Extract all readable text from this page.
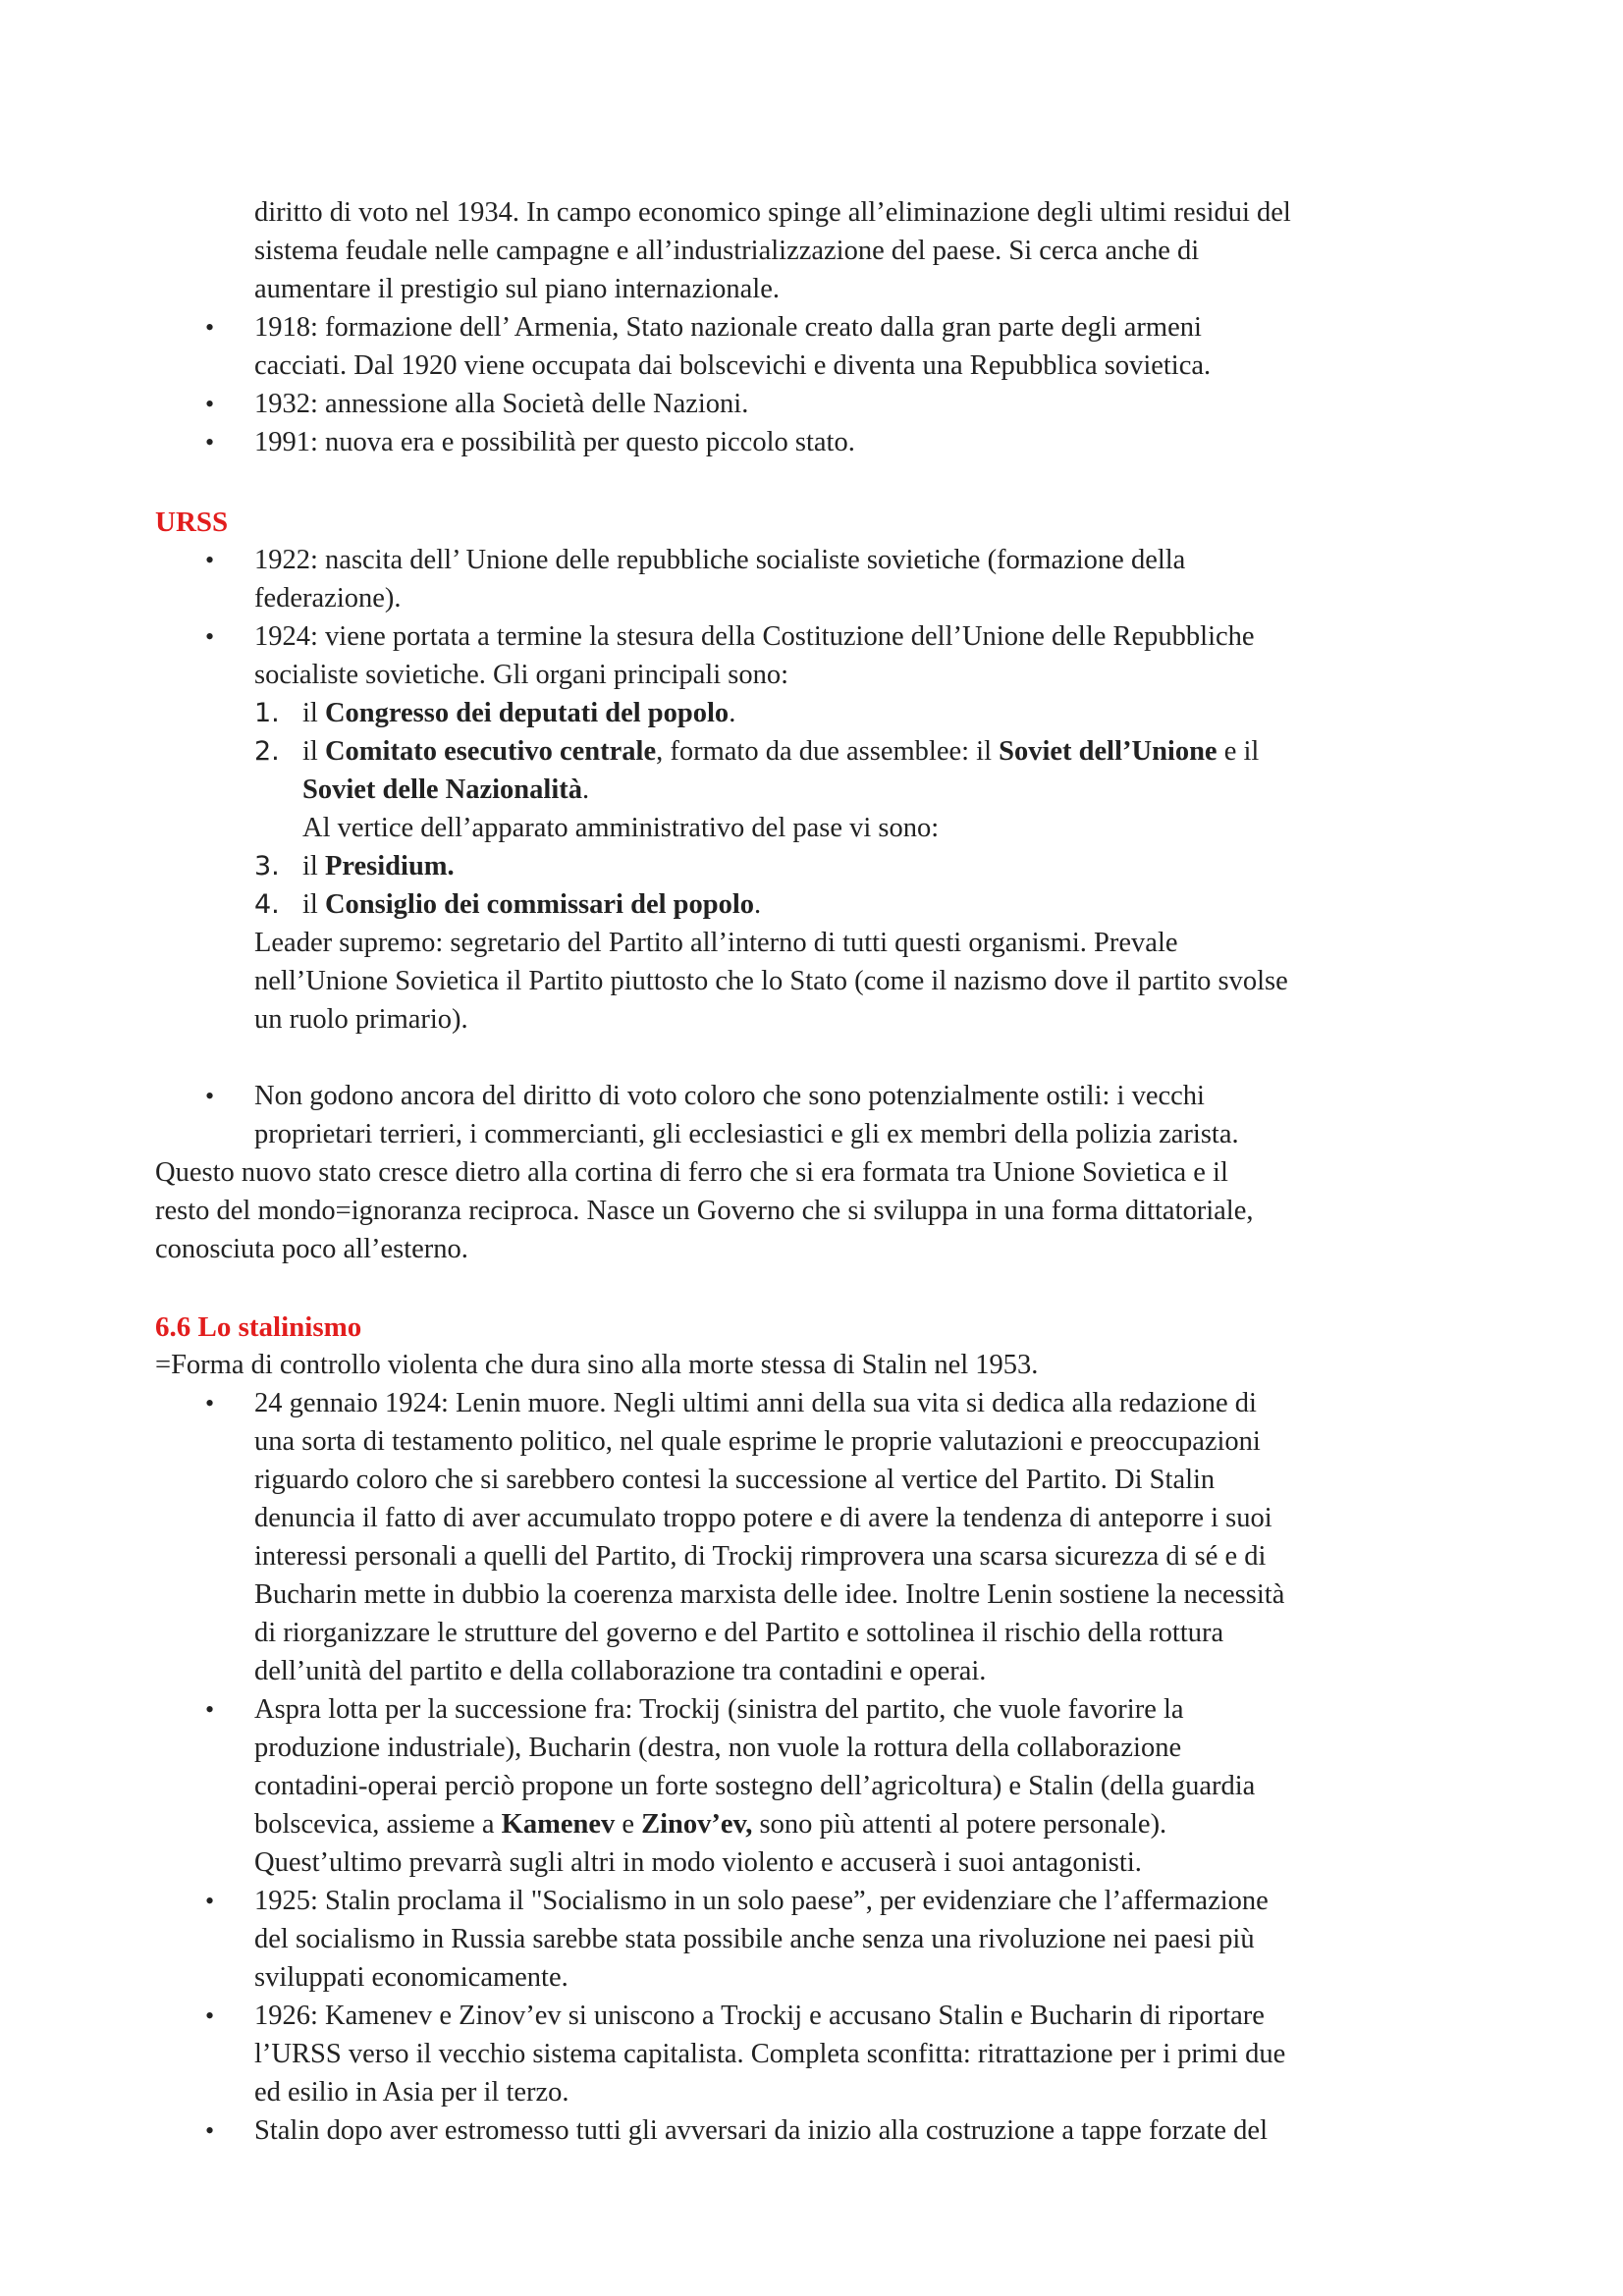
diritto di voto nel 1934. In campo economico spinge all’eliminazione degli ultimi residui del
sistema feudale nelle campagne e all’industrializzazione del paese. Si cerca anche di
aumentare il prestigio sul piano internazionale.
• 1918: formazione dell’ Armenia, Stato nazionale creato dalla gran parte degli armeni
cacciati. Dal 1920 viene occupata dai bolscevichi e diventa una Repubblica sovietica.
• 1932: annessione alla Società delle Nazioni.
• 1991: nuova era e possibilità per questo piccolo stato.
URSS
• 1922: nascita dell’ Unione delle repubbliche socialiste sovietiche (formazione della
federazione).
• 1924: viene portata a termine la stesura della Costituzione dell’Unione delle Repubbliche
socialiste sovietiche. Gli organi principali sono:
1. il Congresso dei deputati del popolo.
2. il Comitato esecutivo centrale, formato da due assemblee: il Soviet dell’Unione e il
Soviet delle Nazionalità.
Al vertice dell’apparato amministrativo del pase vi sono:
3. il Presidium.
4. il Consiglio dei commissari del popolo.
Leader supremo: segretario del Partito all’interno di tutti questi organismi. Prevale
nell’Unione Sovietica il Partito piuttosto che lo Stato (come il nazismo dove il partito svolse
un ruolo primario).
• Non godono ancora del diritto di voto coloro che sono potenzialmente ostili: i vecchi
proprietari terrieri, i commercianti, gli ecclesiastici e gli ex membri della polizia zarista.
Questo nuovo stato cresce dietro alla cortina di ferro che si era formata tra Unione Sovietica e il
resto del mondo=ignoranza reciproca. Nasce un Governo che si sviluppa in una forma dittatoriale,
conosciuta poco all’esterno.
6.6 Lo stalinismo
=Forma di controllo violenta che dura sino alla morte stessa di Stalin nel 1953.
• 24 gennaio 1924: Lenin muore. Negli ultimi anni della sua vita si dedica alla redazione di
una sorta di testamento politico, nel quale esprime le proprie valutazioni e preoccupazioni
riguardo coloro che si sarebbero contesi la successione al vertice del Partito. Di Stalin
denuncia il fatto di aver accumulato troppo potere e di avere la tendenza di anteporre i suoi
interessi personali a quelli del Partito, di Trockij rimprovera una scarsa sicurezza di sé e di
Bucharin mette in dubbio la coerenza marxista delle idee. Inoltre Lenin sostiene la necessità
di riorganizzare le strutture del governo e del Partito e sottolinea il rischio della rottura
dell’unità del partito e della collaborazione tra contadini e operai.
• Aspra lotta per la successione fra: Trockij (sinistra del partito, che vuole favorire la
produzione industriale), Bucharin (destra, non vuole la rottura della collaborazione
contadini-operai perciò propone un forte sostegno dell’agricoltura) e Stalin (della guardia
bolscevica, assieme a Kamenev e Zinov’ev, sono più attenti al potere personale).
Quest’ultimo prevarrà sugli altri in modo violento e accuserà i suoi antagonisti.
• 1925: Stalin proclama il "Socialismo in un solo paese”, per evidenziare che l’affermazione
del socialismo in Russia sarebbe stata possibile anche senza una rivoluzione nei paesi più
sviluppati economicamente.
• 1926: Kamenev e Zinov’ev si uniscono a Trockij e accusano Stalin e Bucharin di riportare
l’URSS verso il vecchio sistema capitalista. Completa sconfitta: ritrattazione per i primi due
ed esilio in Asia per il terzo.
• Stalin dopo aver estromesso tutti gli avversari da inizio alla costruzione a tappe forzate del
